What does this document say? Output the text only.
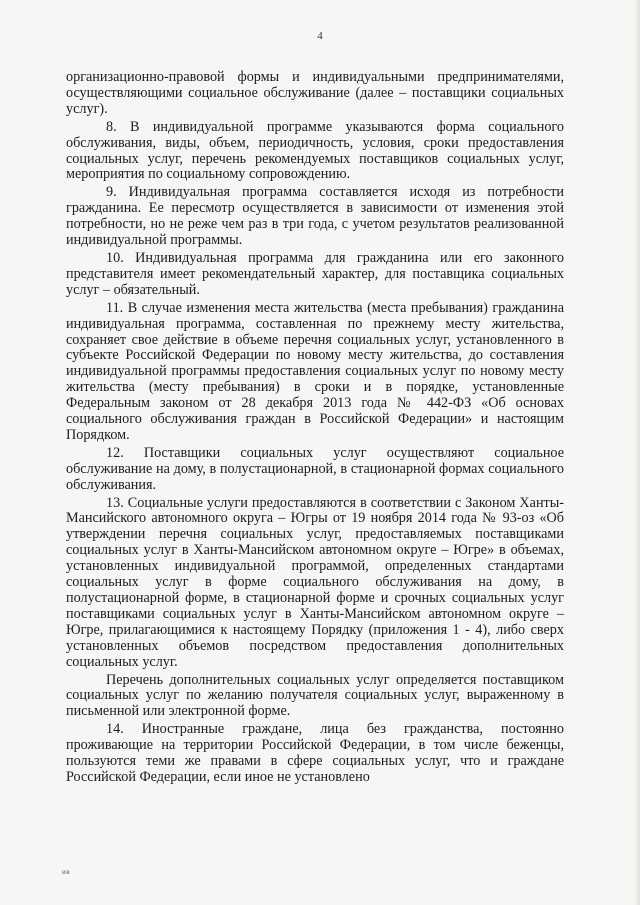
4

организационно-правовой формы и индивидуальными предпринимателями, осуществляющими социальное обслуживание (далее – поставщики социальных услуг).

8. В индивидуальной программе указываются форма социального обслуживания, виды, объем, периодичность, условия, сроки предоставления социальных услуг, перечень рекомендуемых поставщиков социальных услуг, мероприятия по социальному сопровождению.

9. Индивидуальная программа составляется исходя из потребности гражданина. Ее пересмотр осуществляется в зависимости от изменения этой потребности, но не реже чем раз в три года, с учетом результатов реализованной индивидуальной программы.

10. Индивидуальная программа для гражданина или его законного представителя имеет рекомендательный характер, для поставщика социальных услуг – обязательный.

11. В случае изменения места жительства (места пребывания) гражданина индивидуальная программа, составленная по прежнему месту жительства, сохраняет свое действие в объеме перечня социальных услуг, установленного в субъекте Российской Федерации по новому месту жительства, до составления индивидуальной программы предоставления социальных услуг по новому месту жительства (месту пребывания) в сроки и в порядке, установленные Федеральным законом от 28 декабря 2013 года № 442-ФЗ «Об основах социального обслуживания граждан в Российской Федерации» и настоящим Порядком.

12. Поставщики социальных услуг осуществляют социальное обслуживание на дому, в полустационарной, в стационарной формах социального обслуживания.

13. Социальные услуги предоставляются в соответствии с Законом Ханты-Мансийского автономного округа – Югры от 19 ноября 2014 года № 93-оз «Об утверждении перечня социальных услуг, предоставляемых поставщиками социальных услуг в Ханты-Мансийском автономном округе – Югре» в объемах, установленных индивидуальной программой, определенных стандартами социальных услуг в форме социального обслуживания на дому, в полустационарной форме, в стационарной форме и срочных социальных услуг поставщиками социальных услуг в Ханты-Мансийском автономном округе – Югре, прилагающимися к настоящему Порядку (приложения 1 - 4), либо сверх установленных объемов посредством предоставления дополнительных социальных услуг.

Перечень дополнительных социальных услуг определяется поставщиком социальных услуг по желанию получателя социальных услуг, выраженному в письменной или электронной форме.

14. Иностранные граждане, лица без гражданства, постоянно проживающие на территории Российской Федерации, в том числе беженцы, пользуются теми же правами в сфере социальных услуг, что и граждане Российской Федерации, если иное не установлено

ив
